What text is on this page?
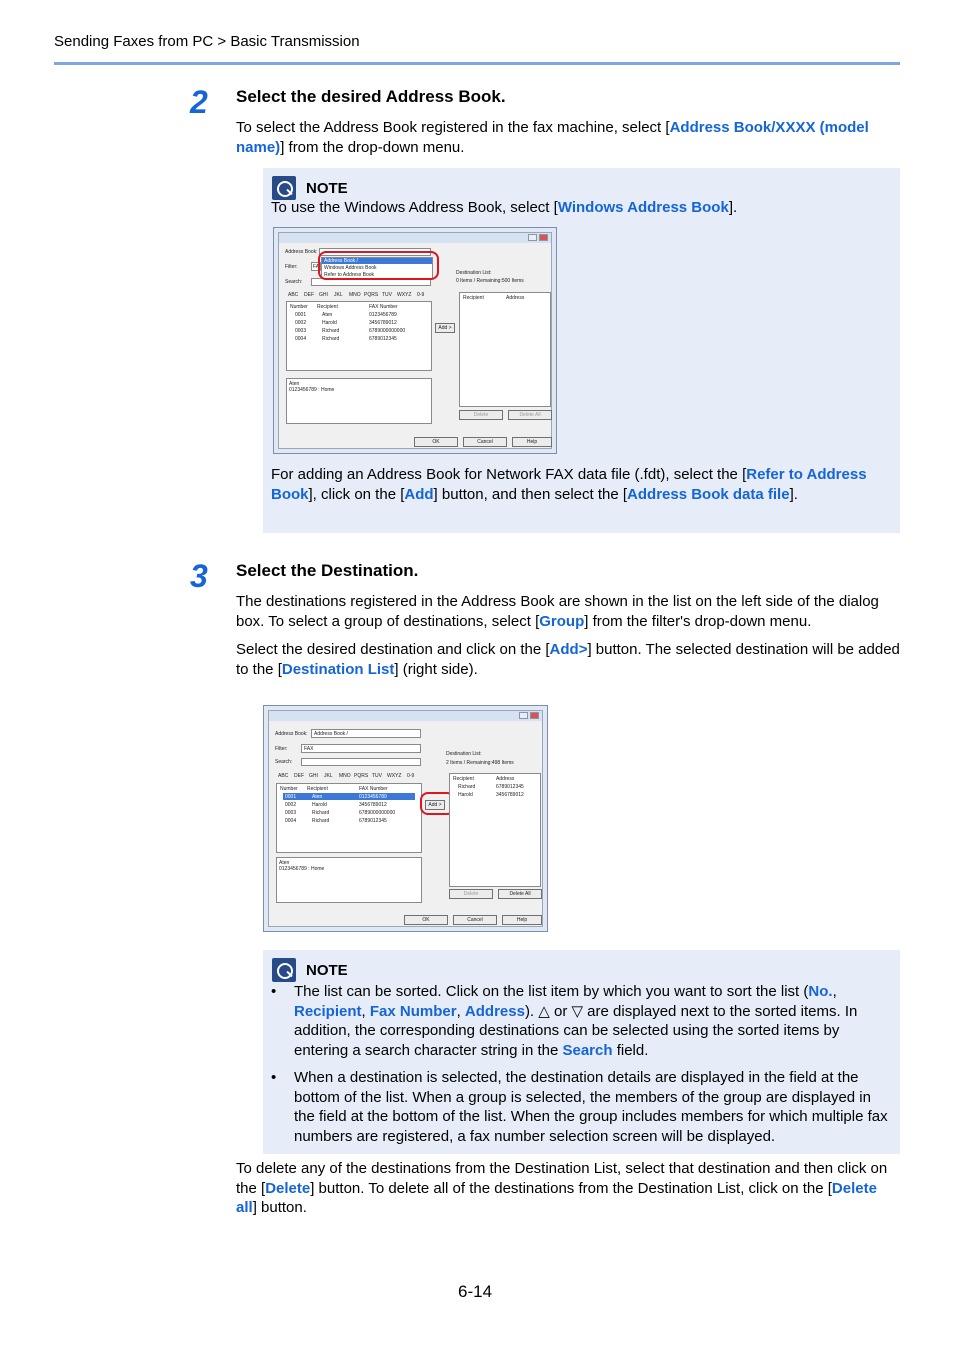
Sending Faxes from PC > Basic Transmission
2 Select the desired Address Book.
To select the Address Book registered in the fax machine, select [Address Book/XXXX (model name)] from the drop-down menu.
NOTE
To use the Windows Address Book, select [Windows Address Book].
Address Book:
Filter:	FA
Search:
Address Book /
Windows Address Book
Refer to Address Book	Destination List:
0 Items / Remaining:500 Items
ABC DEF GHI JKL MNO PQRS TUV WXYZ 0-9
Number Recipient	FAX Number
0001	Aten	0123456789
0002	Harold	3456789012
0003	Richard	6789000000000
0004	Richard	6789012345
Add >
Recipient	Address
Aten
0123456789 : Home
Delete	Delete All
OK	Cancel	Help
For adding an Address Book for Network FAX data file (.fdt), select the [Refer to Address Book], click on the [Add] button, and then select the [Address Book data file].
3 Select the Destination.
The destinations registered in the Address Book are shown in the list on the left side of the dialog box. To select a group of destinations, select [Group] from the filter's drop-down menu.
Select the desired destination and click on the [Add>] button. The selected destination will be added to the [Destination List] (right side).
Address Book: Address Book /
Filter:	FAX
Search:
Destination List:
2 Items / Remaining:498 Items
ABC DEF GHI JKL MNO PQRS TUV WXYZ 0-9
Number Recipient	FAX Number
0001	Aten	0123456789
0002	Harold	3456789012
0003	Richard	6789000000000
0004	Richard	6789012345
Add >
Recipient	Address
Richard	6789012345
Harold	3456789012
Aten
0123456789 : Home
Delete	Delete All
OK	Cancel	Help
NOTE
• The list can be sorted. Click on the list item by which you want to sort the list (No., Recipient, Fax Number, Address). △ or ▽ are displayed next to the sorted items. In addition, the corresponding destinations can be selected using the sorted items by entering a search character string in the Search field.
• When a destination is selected, the destination details are displayed in the field at the bottom of the list. When a group is selected, the members of the group are displayed in the field at the bottom of the list. When the group includes members for which multiple fax numbers are registered, a fax number selection screen will be displayed.
To delete any of the destinations from the Destination List, select that destination and then click on the [Delete] button. To delete all of the destinations from the Destination List, click on the [Delete all] button.
6-14
